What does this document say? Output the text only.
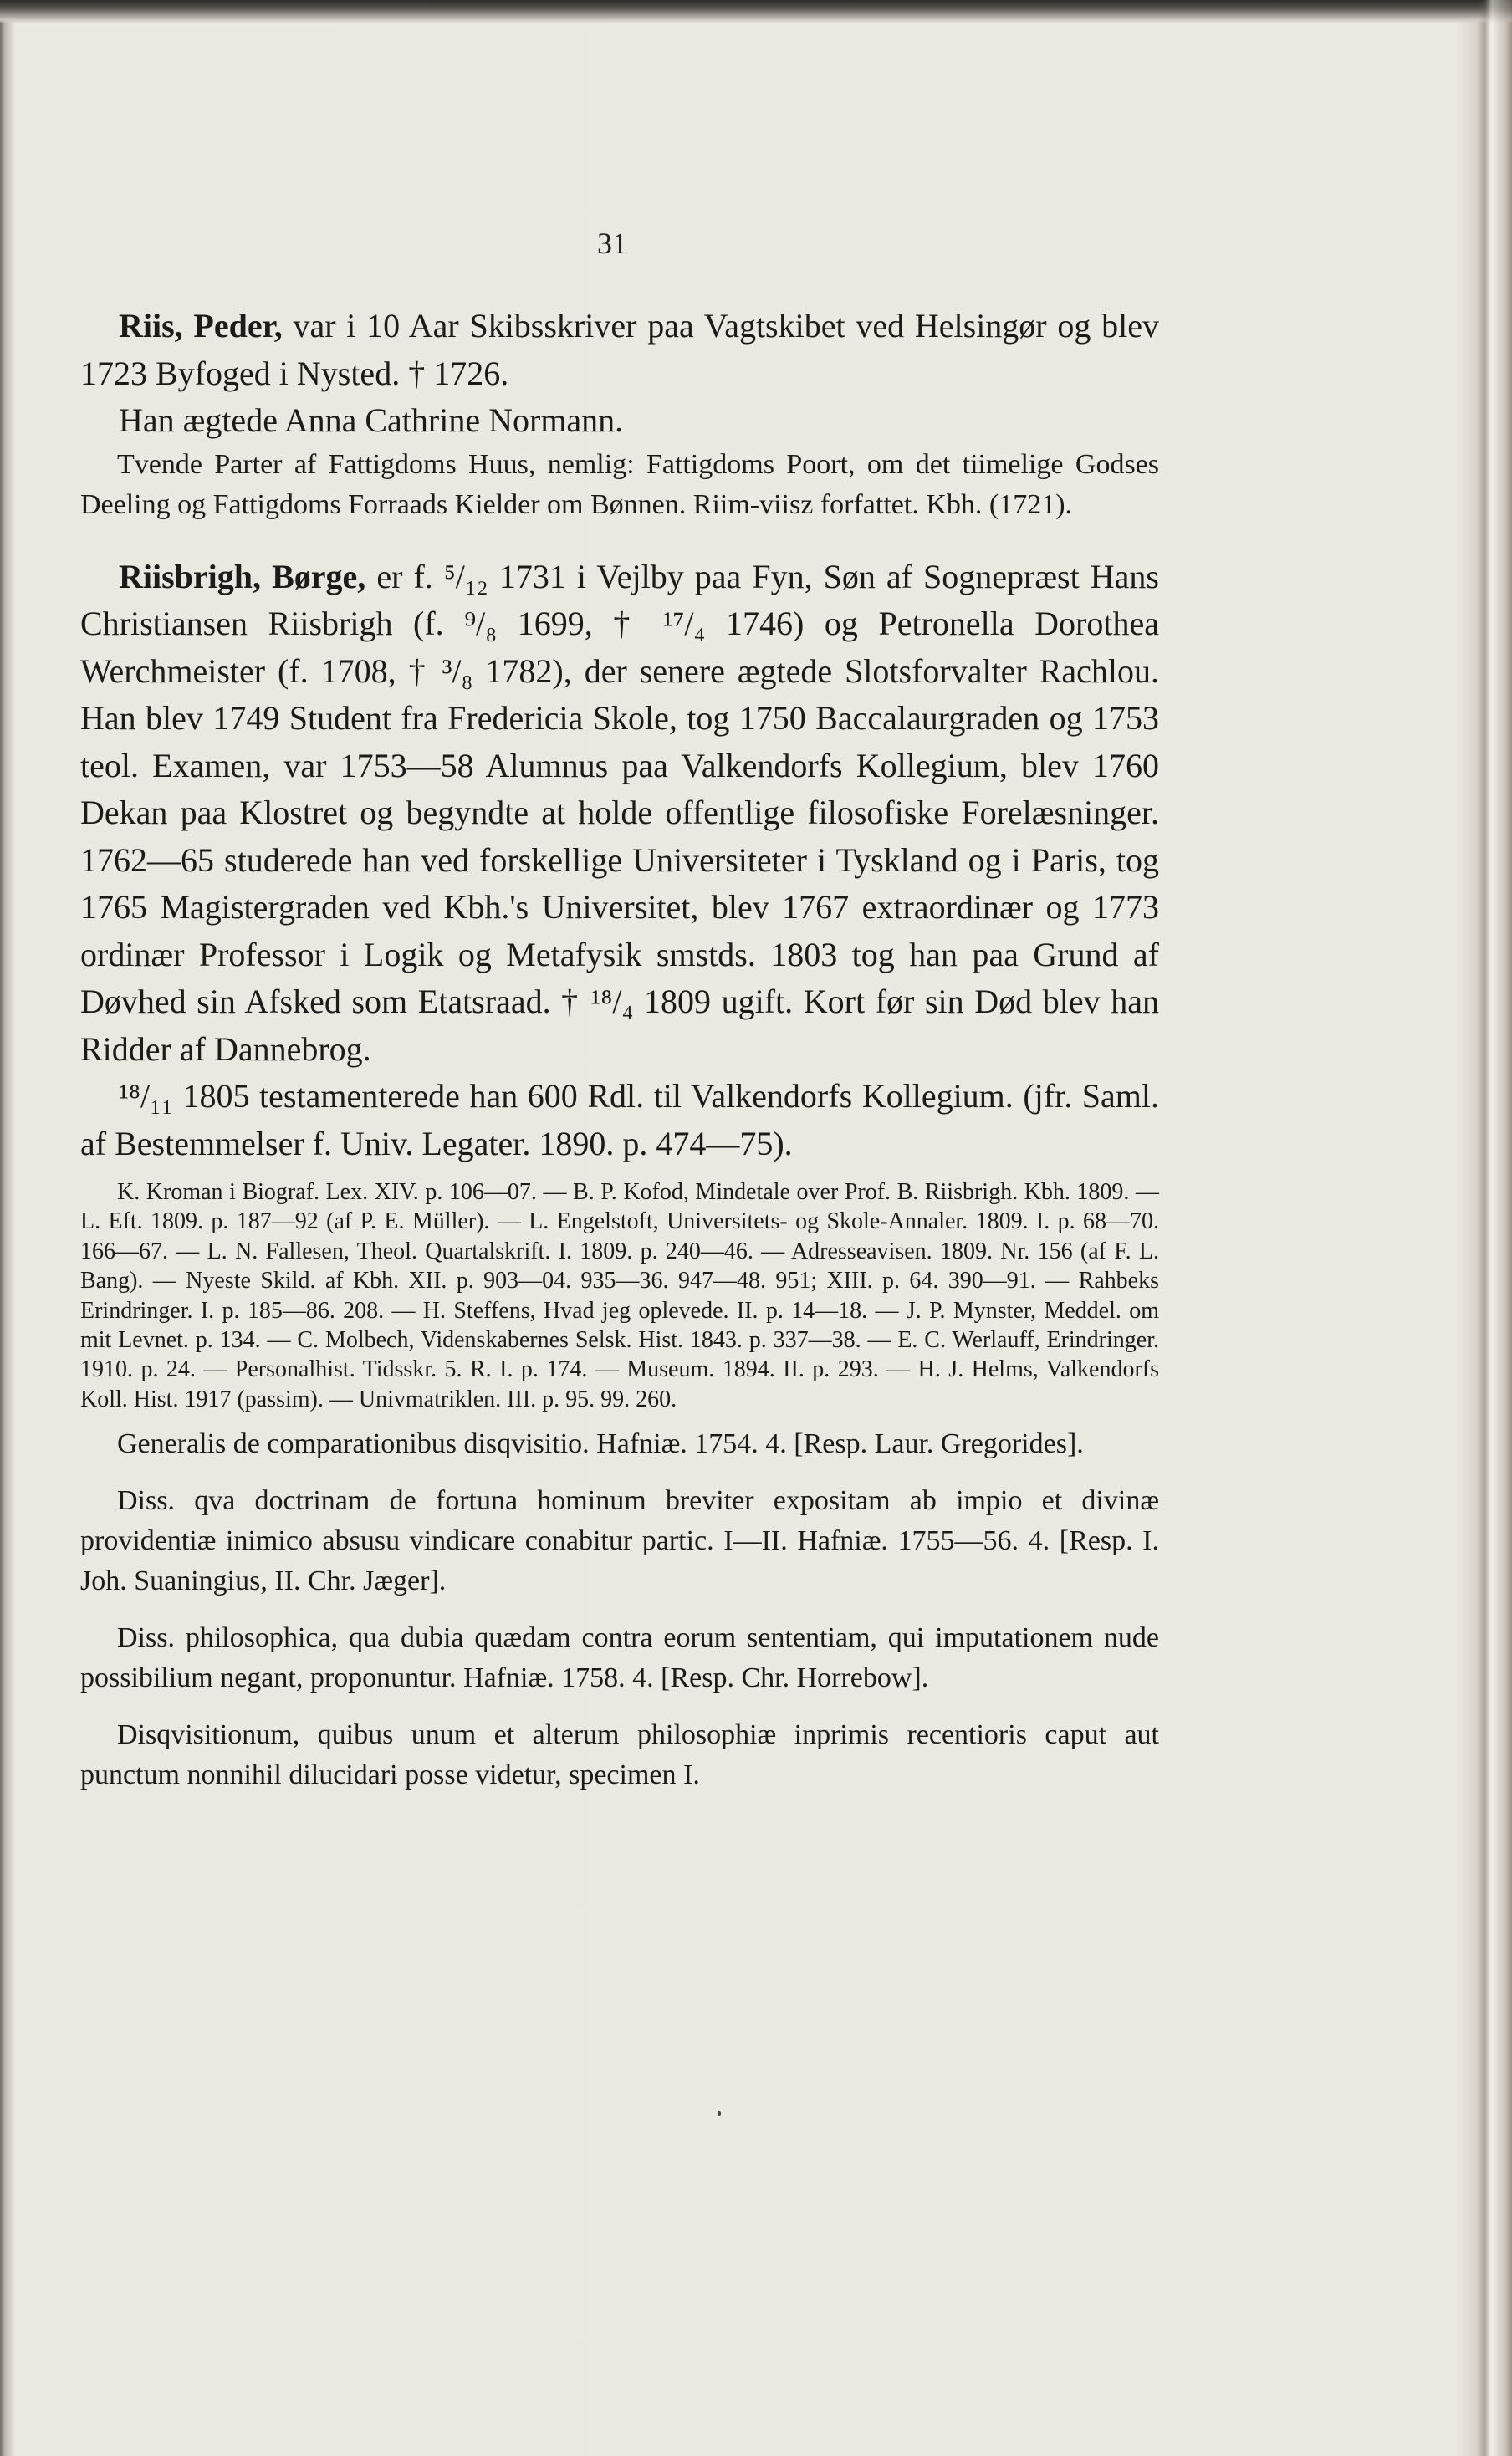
31

Riis, Peder, var i 10 Aar Skibsskriver paa Vagtskibet ved Helsingør og blev 1723 Byfoged i Nysted. † 1726.

Han ægtede Anna Cathrine Normann.

Tvende Parter af Fattigdoms Huus, nemlig: Fattigdoms Poort, om det tiimelige Godses Deeling og Fattigdoms Forraads Kielder om Bønnen. Riim-viisz forfattet. Kbh. (1721).

Riisbrigh, Børge, er f. ⁵/₁₂ 1731 i Vejlby paa Fyn, Søn af Sognepræst Hans Christiansen Riisbrigh (f. ⁹/₈ 1699, † ¹⁷/₄ 1746) og Petronella Dorothea Werchmeister (f. 1708, † ³/₈ 1782), der senere ægtede Slotsforvalter Rachlou. Han blev 1749 Student fra Fredericia Skole, tog 1750 Baccalaurgraden og 1753 teol. Examen, var 1753—58 Alumnus paa Valkendorfs Kollegium, blev 1760 Dekan paa Klostret og begyndte at holde offentlige filosofiske Forelæsninger. 1762—65 studerede han ved forskellige Universiteter i Tyskland og i Paris, tog 1765 Magistergraden ved Kbh.'s Universitet, blev 1767 extraordinær og 1773 ordinær Professor i Logik og Metafysik smstds. 1803 tog han paa Grund af Døvhed sin Afsked som Etatsraad. † ¹⁸/₄ 1809 ugift. Kort før sin Død blev han Ridder af Dannebrog.

¹⁸/₁₁ 1805 testamenterede han 600 Rdl. til Valkendorfs Kollegium. (jfr. Saml. af Bestemmelser f. Univ. Legater. 1890. p. 474—75).

K. Kroman i Biograf. Lex. XIV. p. 106—07. — B. P. Kofod, Mindetale over Prof. B. Riisbrigh. Kbh. 1809. — L. Eft. 1809. p. 187—92 (af P. E. Müller). — L. Engelstoft, Universitets- og Skole-Annaler. 1809. I. p. 68—70. 166—67. — L. N. Fallesen, Theol. Quartalskrift. I. 1809. p. 240—46. — Adresseavisen. 1809. Nr. 156 (af F. L. Bang). — Nyeste Skild. af Kbh. XII. p. 903—04. 935—36. 947—48. 951; XIII. p. 64. 390—91. — Rahbeks Erindringer. I. p. 185—86. 208. — H. Steffens, Hvad jeg oplevede. II. p. 14—18. — J. P. Mynster, Meddel. om mit Levnet. p. 134. — C. Molbech, Videnskabernes Selsk. Hist. 1843. p. 337—38. — E. C. Werlauff, Erindringer. 1910. p. 24. — Personalhist. Tidsskr. 5. R. I. p. 174. — Museum. 1894. II. p. 293. — H. J. Helms, Valkendorfs Koll. Hist. 1917 (passim). — Univmatriklen. III. p. 95. 99. 260.

Generalis de comparationibus disqvisitio. Hafniæ. 1754. 4. [Resp. Laur. Gregorides].

Diss. qva doctrinam de fortuna hominum breviter expositam ab impio et divinæ providentiæ inimico absusu vindicare conabitur partic. I—II. Hafniæ. 1755—56. 4. [Resp. I. Joh. Suaningius, II. Chr. Jæger].

Diss. philosophica, qua dubia quædam contra eorum sententiam, qui imputationem nude possibilium negant, proponuntur. Hafniæ. 1758. 4. [Resp. Chr. Horrebow].

Disqvisitionum, quibus unum et alterum philosophiæ inprimis recentioris caput aut punctum nonnihil dilucidari posse videtur, specimen I.
